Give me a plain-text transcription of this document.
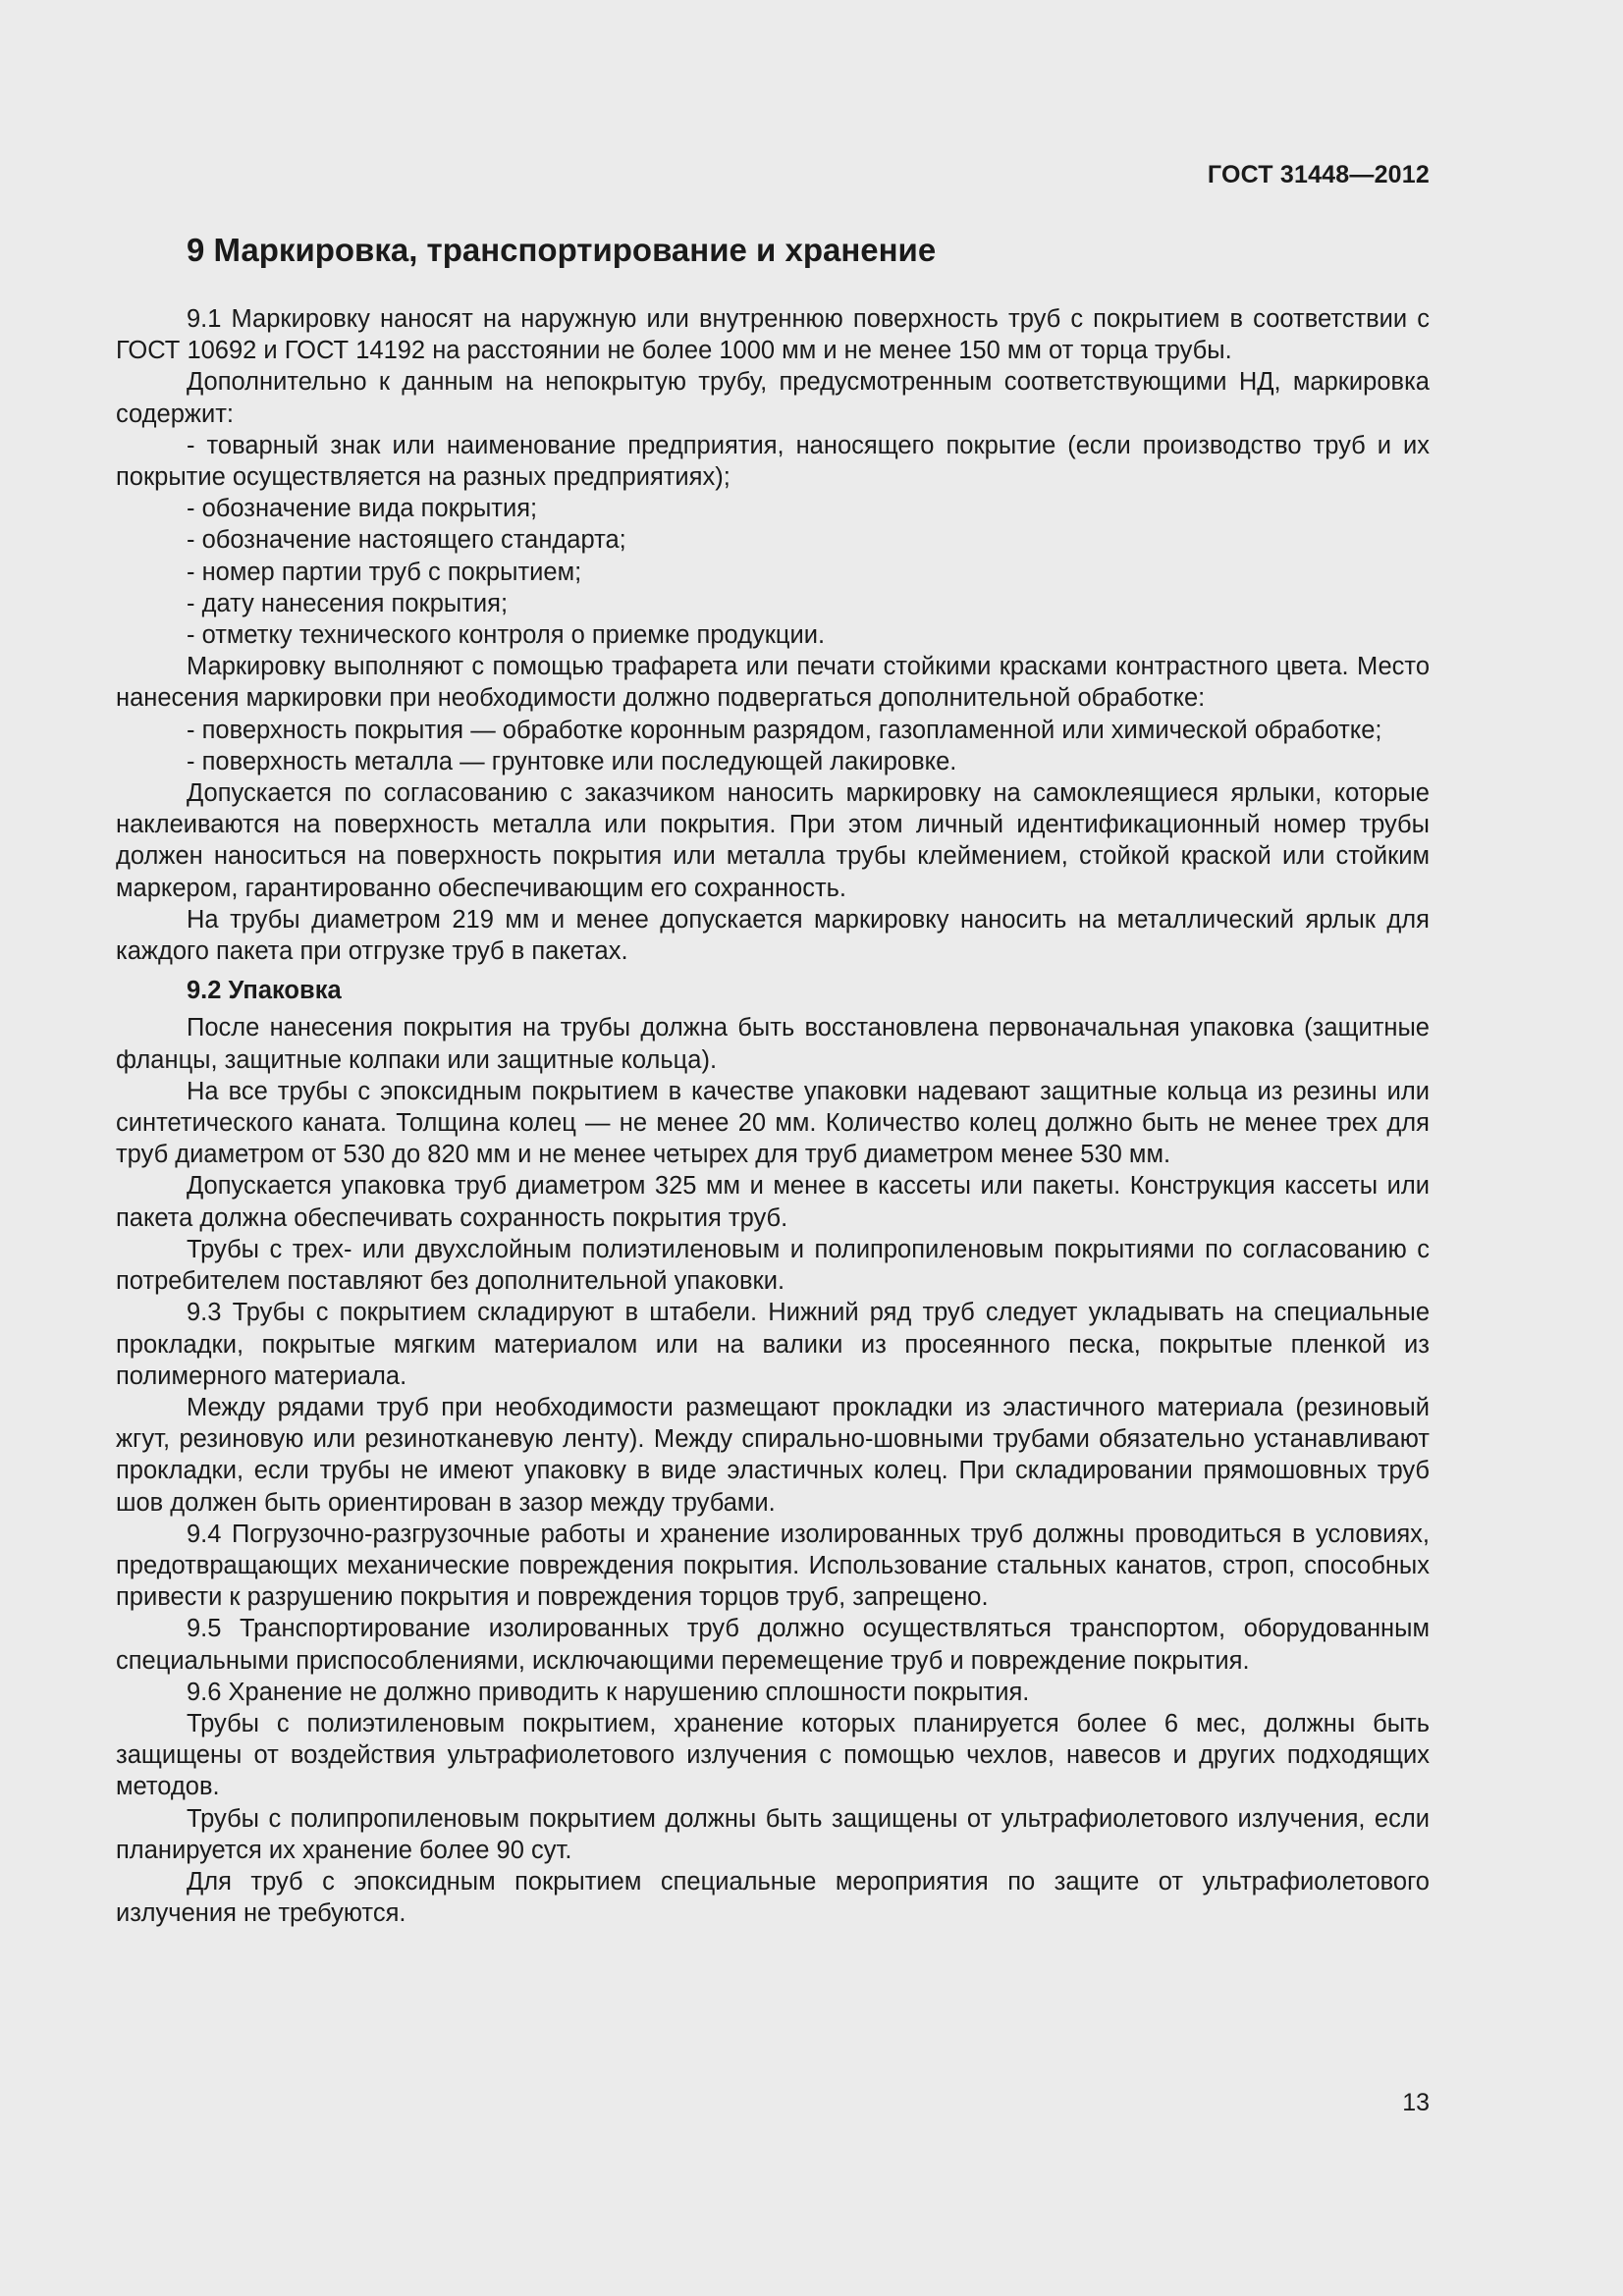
ГОСТ 31448—2012
9 Маркировка, транспортирование и хранение

9.1 Маркировку наносят на наружную или внутреннюю поверхность труб с покрытием в соответствии с ГОСТ 10692 и ГОСТ 14192 на расстоянии не более 1000 мм и не менее 150 мм от торца трубы.

Дополнительно к данным на непокрытую трубу, предусмотренным соответствующими НД, маркировка содержит:

- товарный знак или наименование предприятия, наносящего покрытие (если производство труб и их покрытие осуществляется на разных предприятиях);

- обозначение вида покрытия;

- обозначение настоящего стандарта;

- номер партии труб с покрытием;

- дату нанесения покрытия;

- отметку технического контроля о приемке продукции.

Маркировку выполняют с помощью трафарета или печати стойкими красками контрастного цвета. Место нанесения маркировки при необходимости должно подвергаться дополнительной обработке:

- поверхность покрытия — обработке коронным разрядом, газопламенной или химической обработке;

- поверхность металла — грунтовке или последующей лакировке.

Допускается по согласованию с заказчиком наносить маркировку на самоклеящиеся ярлыки, которые наклеиваются на поверхность металла или покрытия. При этом личный идентификационный номер трубы должен наноситься на поверхность покрытия или металла трубы клеймением, стойкой краской или стойким маркером, гарантированно обеспечивающим его сохранность.

На трубы диаметром 219 мм и менее допускается маркировку наносить на металлический ярлык для каждого пакета при отгрузке труб в пакетах.

9.2 Упаковка

После нанесения покрытия на трубы должна быть восстановлена первоначальная упаковка (защитные фланцы, защитные колпаки или защитные кольца).

На все трубы с эпоксидным покрытием в качестве упаковки надевают защитные кольца из резины или синтетического каната. Толщина колец — не менее 20 мм. Количество колец должно быть не менее трех для труб диаметром от 530 до 820 мм и не менее четырех для труб диаметром менее 530 мм.

Допускается упаковка труб диаметром 325 мм и менее в кассеты или пакеты. Конструкция кассеты или пакета должна обеспечивать сохранность покрытия труб.

Трубы с трех- или двухслойным полиэтиленовым и полипропиленовым покрытиями по согласованию с потребителем поставляют без дополнительной упаковки.

9.3 Трубы с покрытием складируют в штабели. Нижний ряд труб следует укладывать на специальные прокладки, покрытые мягким материалом или на валики из просеянного песка, покрытые пленкой из полимерного материала.

Между рядами труб при необходимости размещают прокладки из эластичного материала (резиновый жгут, резиновую или резинотканевую ленту). Между спирально-шовными трубами обязательно устанавливают прокладки, если трубы не имеют упаковку в виде эластичных колец. При складировании прямошовных труб шов должен быть ориентирован в зазор между трубами.

9.4 Погрузочно-разгрузочные работы и хранение изолированных труб должны проводиться в условиях, предотвращающих механические повреждения покрытия. Использование стальных канатов, строп, способных привести к разрушению покрытия и повреждения торцов труб, запрещено.

9.5 Транспортирование изолированных труб должно осуществляться транспортом, оборудованным специальными приспособлениями, исключающими перемещение труб и повреждение покрытия.

9.6 Хранение не должно приводить к нарушению сплошности покрытия.

Трубы с полиэтиленовым покрытием, хранение которых планируется более 6 мес, должны быть защищены от воздействия ультрафиолетового излучения с помощью чехлов, навесов и других подходящих методов.

Трубы с полипропиленовым покрытием должны быть защищены от ультрафиолетового излучения, если планируется их хранение более 90 сут.

Для труб с эпоксидным покрытием специальные мероприятия по защите от ультрафиолетового излучения не требуются.

13
